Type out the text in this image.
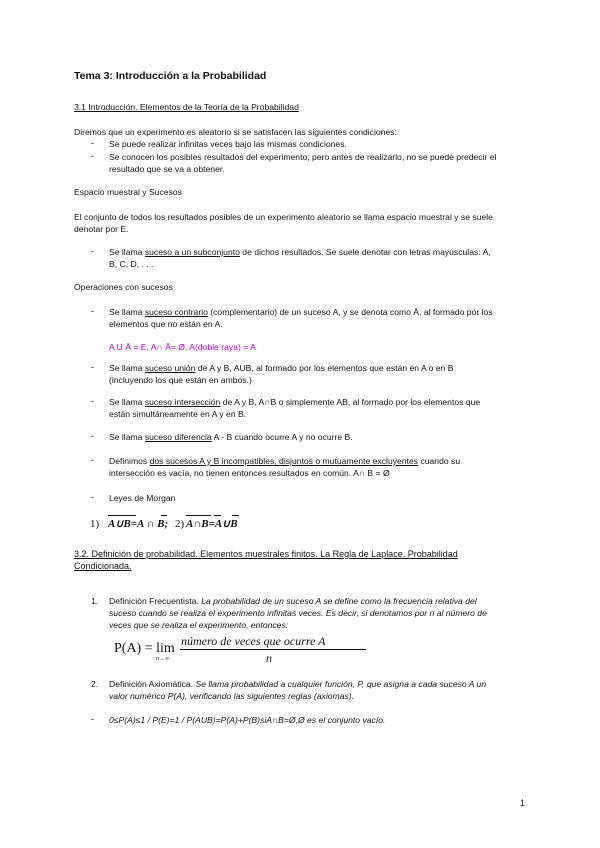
Tema 3: Introducción a la Probabilidad
3.1 Introducción. Elementos de la Teoría de la Probabilidad
Diremos que un experimento es aleatorio si se satisfacen las siguientes condiciones:
- Se puede realizar infinitas veces bajo las mismas condiciones.
- Se conocen los posibles resultados del experimento, pero antes de realizarlo, no se puede predecir el
resultado que se va a obtener.
Espacio muestral y Sucesos
El conjunto de todos los resultados posibles de un experimento aleatorio se llama espacio muestral y se suele
denotar por E.
- Se llama suceso a un subconjunto de dichos resultados. Se suele denotar con letras mayúsculas: A,
B, C, D, . . .
Operaciones con sucesos
- Se llama suceso contrario (complementario) de un suceso A, y se denota como Ā, al formado por los
elementos que no están en A.
A U Ā = E, A∩ Ā= Ø, A(doble raya) = A
- Se llama suceso unión de A y B, AUB, al formado por los elementos que están en A o en B
(incluyendo los que están en ambos.)
- Se llama suceso intersección de A y B, A∩B o simplemente AB, al formado por los elementos que
están simultáneamente en A y en B.
- Se llama suceso diferencia A - B cuando ocurre A y no ocurre B.
- Definimos dos sucesos A y B incompatibles, disjuntos o mutuamente excluyentes cuando su
intersección es vacía, no tienen entonces resultados en común. A∩ B = Ø
- Leyes de Morgan
1) A∪B=A ∩ B; 2) A∩B=A∪B
3.2. Definición de probabilidad. Elementos muestrales finitos. La Regla de Laplace. Probabilidad
Condicionada.
1. Definición Frecuentista. La probabilidad de un suceso A se define como la frecuencia relativa del
suceso cuando se realiza el experimento infinitas veces. Es decir, si denotamos por n al número de
veces que se realiza el experimento, entonces:
P(A) = lim
n→∞
número de veces que ocurre A
n
2. Definición Axiomática. Se llama probabilidad a cualquier función, P, que asigna a cada suceso A un
valor numérico P(A), verificando las siguientes reglas (axiomas).
- 0≤P(A)≤1 / P(E)=1 / P(AUB)=P(A)+P(B)siA∩B=Ø,Ø es el conjunto vacío.
1
